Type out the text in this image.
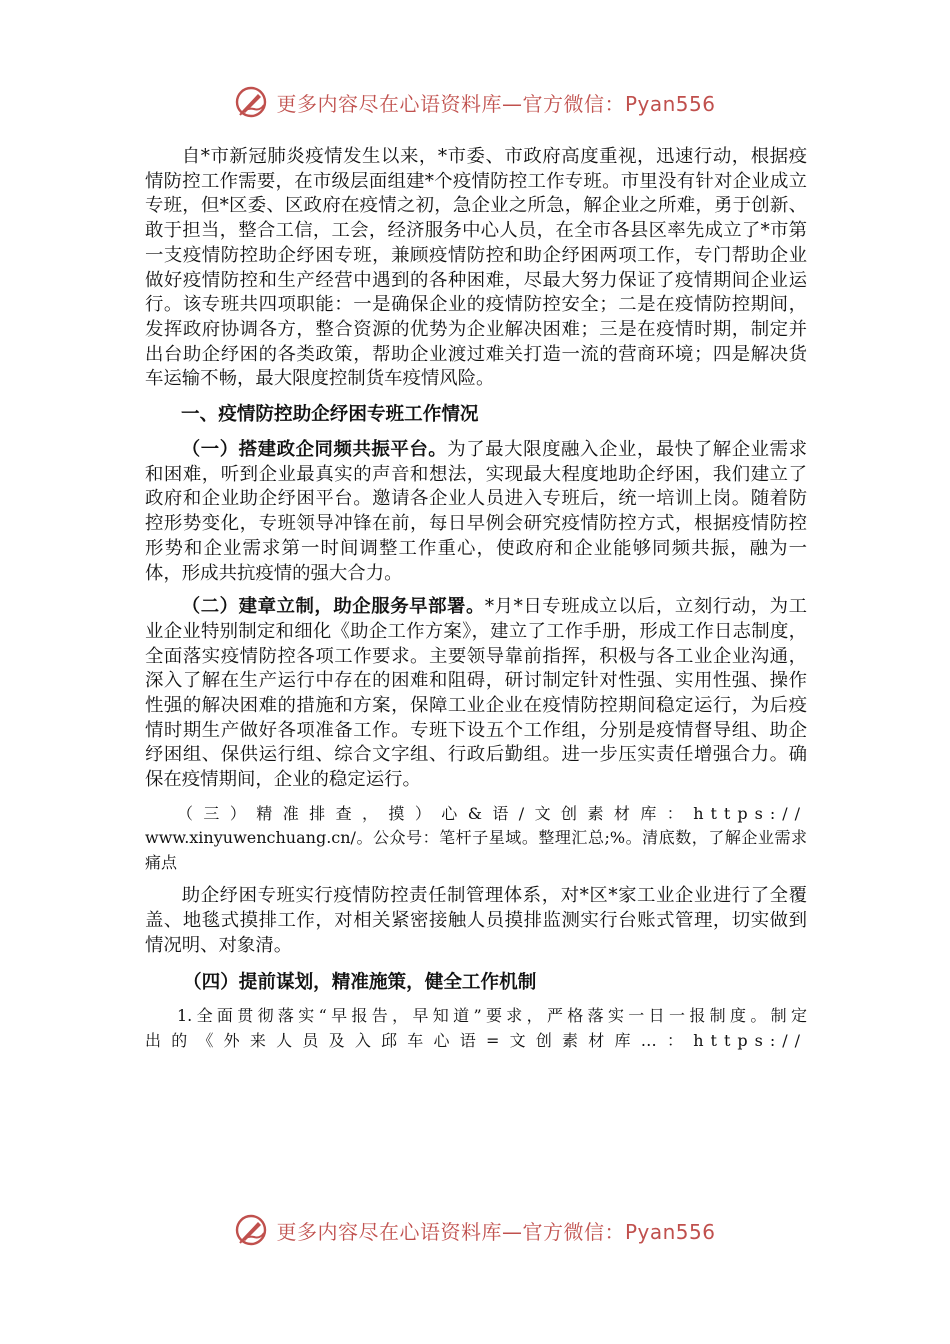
更多内容尽在心语资料库—官方微信：Pyan556

自*市新冠肺炎疫情发生以来，*市委、市政府高度重视，迅速行动，根据疫情防控工作需要，在市级层面组建*个疫情防控工作专班。市里没有针对企业成立专班，但*区委、区政府在疫情之初，急企业之所急，解企业之所难，勇于创新、敢于担当，整合工信，工会，经济服务中心人员，在全市各县区率先成立了*市第一支疫情防控助企纾困专班，兼顾疫情防控和助企纾困两项工作，专门帮助企业做好疫情防控和生产经营中遇到的各种困难，尽最大努力保证了疫情期间企业运行。该专班共四项职能：一是确保企业的疫情防控安全；二是在疫情防控期间，发挥政府协调各方，整合资源的优势为企业解决困难；三是在疫情时期，制定并出台助企纾困的各类政策，帮助企业渡过难关打造一流的营商环境；四是解决货车运输不畅，最大限度控制货车疫情风险。

一、疫情防控助企纾困专班工作情况

（一）搭建政企同频共振平台。为了最大限度融入企业，最快了解企业需求和困难，听到企业最真实的声音和想法，实现最大程度地助企纾困，我们建立了政府和企业助企纾困平台。邀请各企业人员进入专班后，统一培训上岗。随着防控形势变化，专班领导冲锋在前，每日早例会研究疫情防控方式，根据疫情防控形势和企业需求第一时间调整工作重心，使政府和企业能够同频共振，融为一体，形成共抗疫情的强大合力。

（二）建章立制，助企服务早部署。*月*日专班成立以后，立刻行动，为工业企业特别制定和细化《助企工作方案》，建立了工作手册，形成工作日志制度，全面落实疫情防控各项工作要求。主要领导靠前指挥，积极与各工业企业沟通，深入了解在生产运行中存在的困难和阻碍，研讨制定针对性强、实用性强、操作性强的解决困难的措施和方案，保障工业企业在疫情防控期间稳定运行，为后疫情时期生产做好各项准备工作。专班下设五个工作组，分别是疫情督导组、助企纾困组、保供运行组、综合文字组、行政后勤组。进一步压实责任增强合力。确保在疫情期间，企业的稳定运行。

（三）精准排查，摸）心&语/文创素材库：https://

www.xinyuwenchuang.cn/。公众号：笔杆子星域。整理汇总;%。清底数，了解企业需求痛点

助企纾困专班实行疫情防控责任制管理体系，对*区*家工业企业进行了全覆盖、地毯式摸排工作，对相关紧密接触人员摸排监测实行台账式管理，切实做到情况明、对象清。

（四）提前谋划，精准施策，健全工作机制

1.全面贯彻落实“早报告，早知道”要求，严格落实一日一报制度。制定

出的《外来人员及入邱车心语=文创素材库…：https://

更多内容尽在心语资料库—官方微信：Pyan556
